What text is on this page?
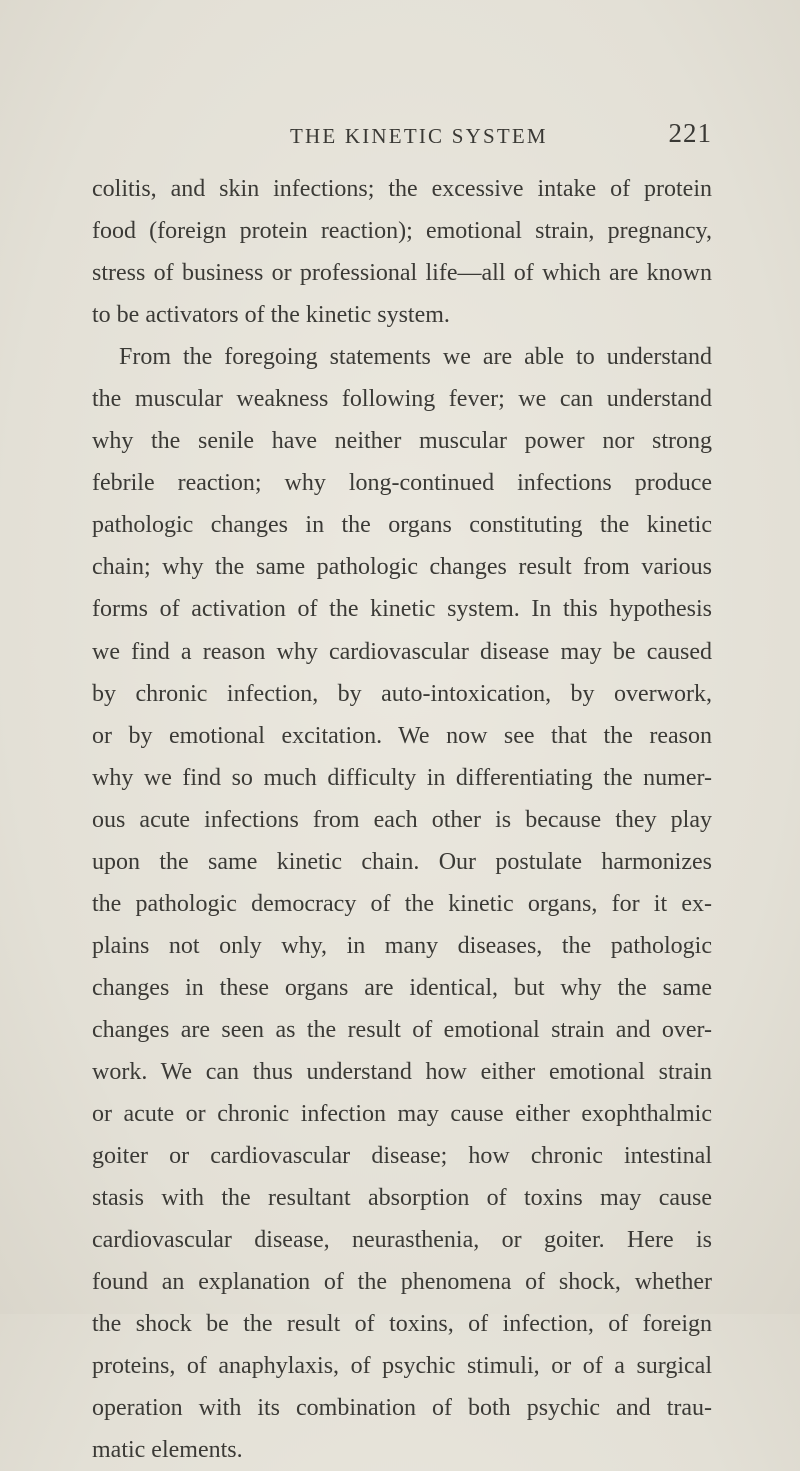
THE KINETIC SYSTEM	221
colitis, and skin infections; the excessive intake of protein
food (foreign protein reaction); emotional strain, pregnancy,
stress of business or professional life—all of which are known
to be activators of the kinetic system.
From the foregoing statements we are able to understand
the muscular weakness following fever; we can understand
why the senile have neither muscular power nor strong
febrile reaction; why long-continued infections produce
pathologic changes in the organs constituting the kinetic
chain; why the same pathologic changes result from various
forms of activation of the kinetic system. In this hypothesis
we find a reason why cardiovascular disease may be caused
by chronic infection, by auto-intoxication, by overwork,
or by emotional excitation. We now see that the reason
why we find so much difficulty in differentiating the numer-
ous acute infections from each other is because they play
upon the same kinetic chain. Our postulate harmonizes
the pathologic democracy of the kinetic organs, for it ex-
plains not only why, in many diseases, the pathologic
changes in these organs are identical, but why the same
changes are seen as the result of emotional strain and over-
work. We can thus understand how either emotional strain
or acute or chronic infection may cause either exophthalmic
goiter or cardiovascular disease; how chronic intestinal
stasis with the resultant absorption of toxins may cause
cardiovascular disease, neurasthenia, or goiter. Here is
found an explanation of the phenomena of shock, whether
the shock be the result of toxins, of infection, of foreign
proteins, of anaphylaxis, of psychic stimuli, or of a surgical
operation with its combination of both psychic and trau-
matic elements.
